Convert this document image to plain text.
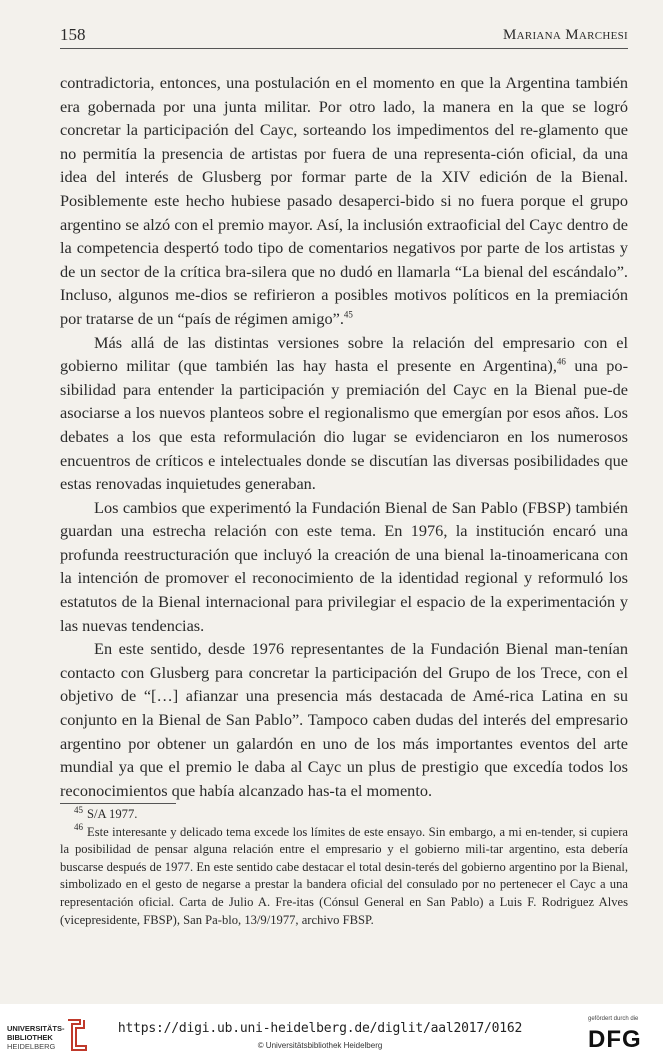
158	Mariana Marchesi

contradictoria, entonces, una postulación en el momento en que la Argentina también era gobernada por una junta militar. Por otro lado, la manera en la que se logró concretar la participación del Cayc, sorteando los impedimentos del re-glamento que no permitía la presencia de artistas por fuera de una representa-ción oficial, da una idea del interés de Glusberg por formar parte de la XIV edición de la Bienal. Posiblemente este hecho hubiese pasado desaperci-bido si no fuera porque el grupo argentino se alzó con el premio mayor. Así, la inclusión extraoficial del Cayc dentro de la competencia despertó todo tipo de comentarios negativos por parte de los artistas y de un sector de la crítica bra-silera que no dudó en llamarla “La bienal del escándalo”. Incluso, algunos me-dios se refirieron a posibles motivos políticos en la premiación por tratarse de un “país de régimen amigo”.$^{45}$

Más allá de las distintas versiones sobre la relación del empresario con el gobierno militar (que también las hay hasta el presente en Argentina),$^{46}$ una po-sibilidad para entender la participación y premiación del Cayc en la Bienal pue-de asociarse a los nuevos planteos sobre el regionalismo que emergían por esos años. Los debates a los que esta reformulación dio lugar se evidenciaron en los numerosos encuentros de críticos e intelectuales donde se discutían las diversas posibilidades que estas renovadas inquietudes generaban.

Los cambios que experimentó la Fundación Bienal de San Pablo (FBSP) también guardan una estrecha relación con este tema. En 1976, la institución encaró una profunda reestructuración que incluyó la creación de una bienal la-tinoamericana con la intención de promover el reconocimiento de la identidad regional y reformuló los estatutos de la Bienal internacional para privilegiar el espacio de la experimentación y las nuevas tendencias.

En este sentido, desde 1976 representantes de la Fundación Bienal man-tenían contacto con Glusberg para concretar la participación del Grupo de los Trece, con el objetivo de “[…] afianzar una presencia más destacada de Amé-rica Latina en su conjunto en la Bienal de San Pablo”. Tampoco caben dudas del interés del empresario argentino por obtener un galardón en uno de los más importantes eventos del arte mundial ya que el premio le daba al Cayc un plus de prestigio que excedía todos los reconocimientos que había alcanzado has-ta el momento.

$^{45}$ S/A 1977.

$^{46}$ Este interesante y delicado tema excede los límites de este ensayo. Sin embargo, a mi en-tender, si cupiera la posibilidad de pensar alguna relación entre el empresario y el gobierno mili-tar argentino, esta debería buscarse después de 1977. En este sentido cabe destacar el total desin-terés del gobierno argentino por la Bienal, simbolizado en el gesto de negarse a prestar la bandera oficial del consulado por no pertenecer el Cayc a una representación oficial. Carta de Julio A. Fre-itas (Cónsul General en San Pablo) a Luis F. Rodriguez Alves (vicepresidente, FBSP), San Pa-blo, 13/9/1977, archivo FBSP.

UNIVERSITÄTS-
BIBLIOTHEK
HEIDELBERG
https://digi.ub.uni-heidelberg.de/diglit/aal2017/0162
© Universitätsbibliothek Heidelberg
gefördert durch die
DFG
